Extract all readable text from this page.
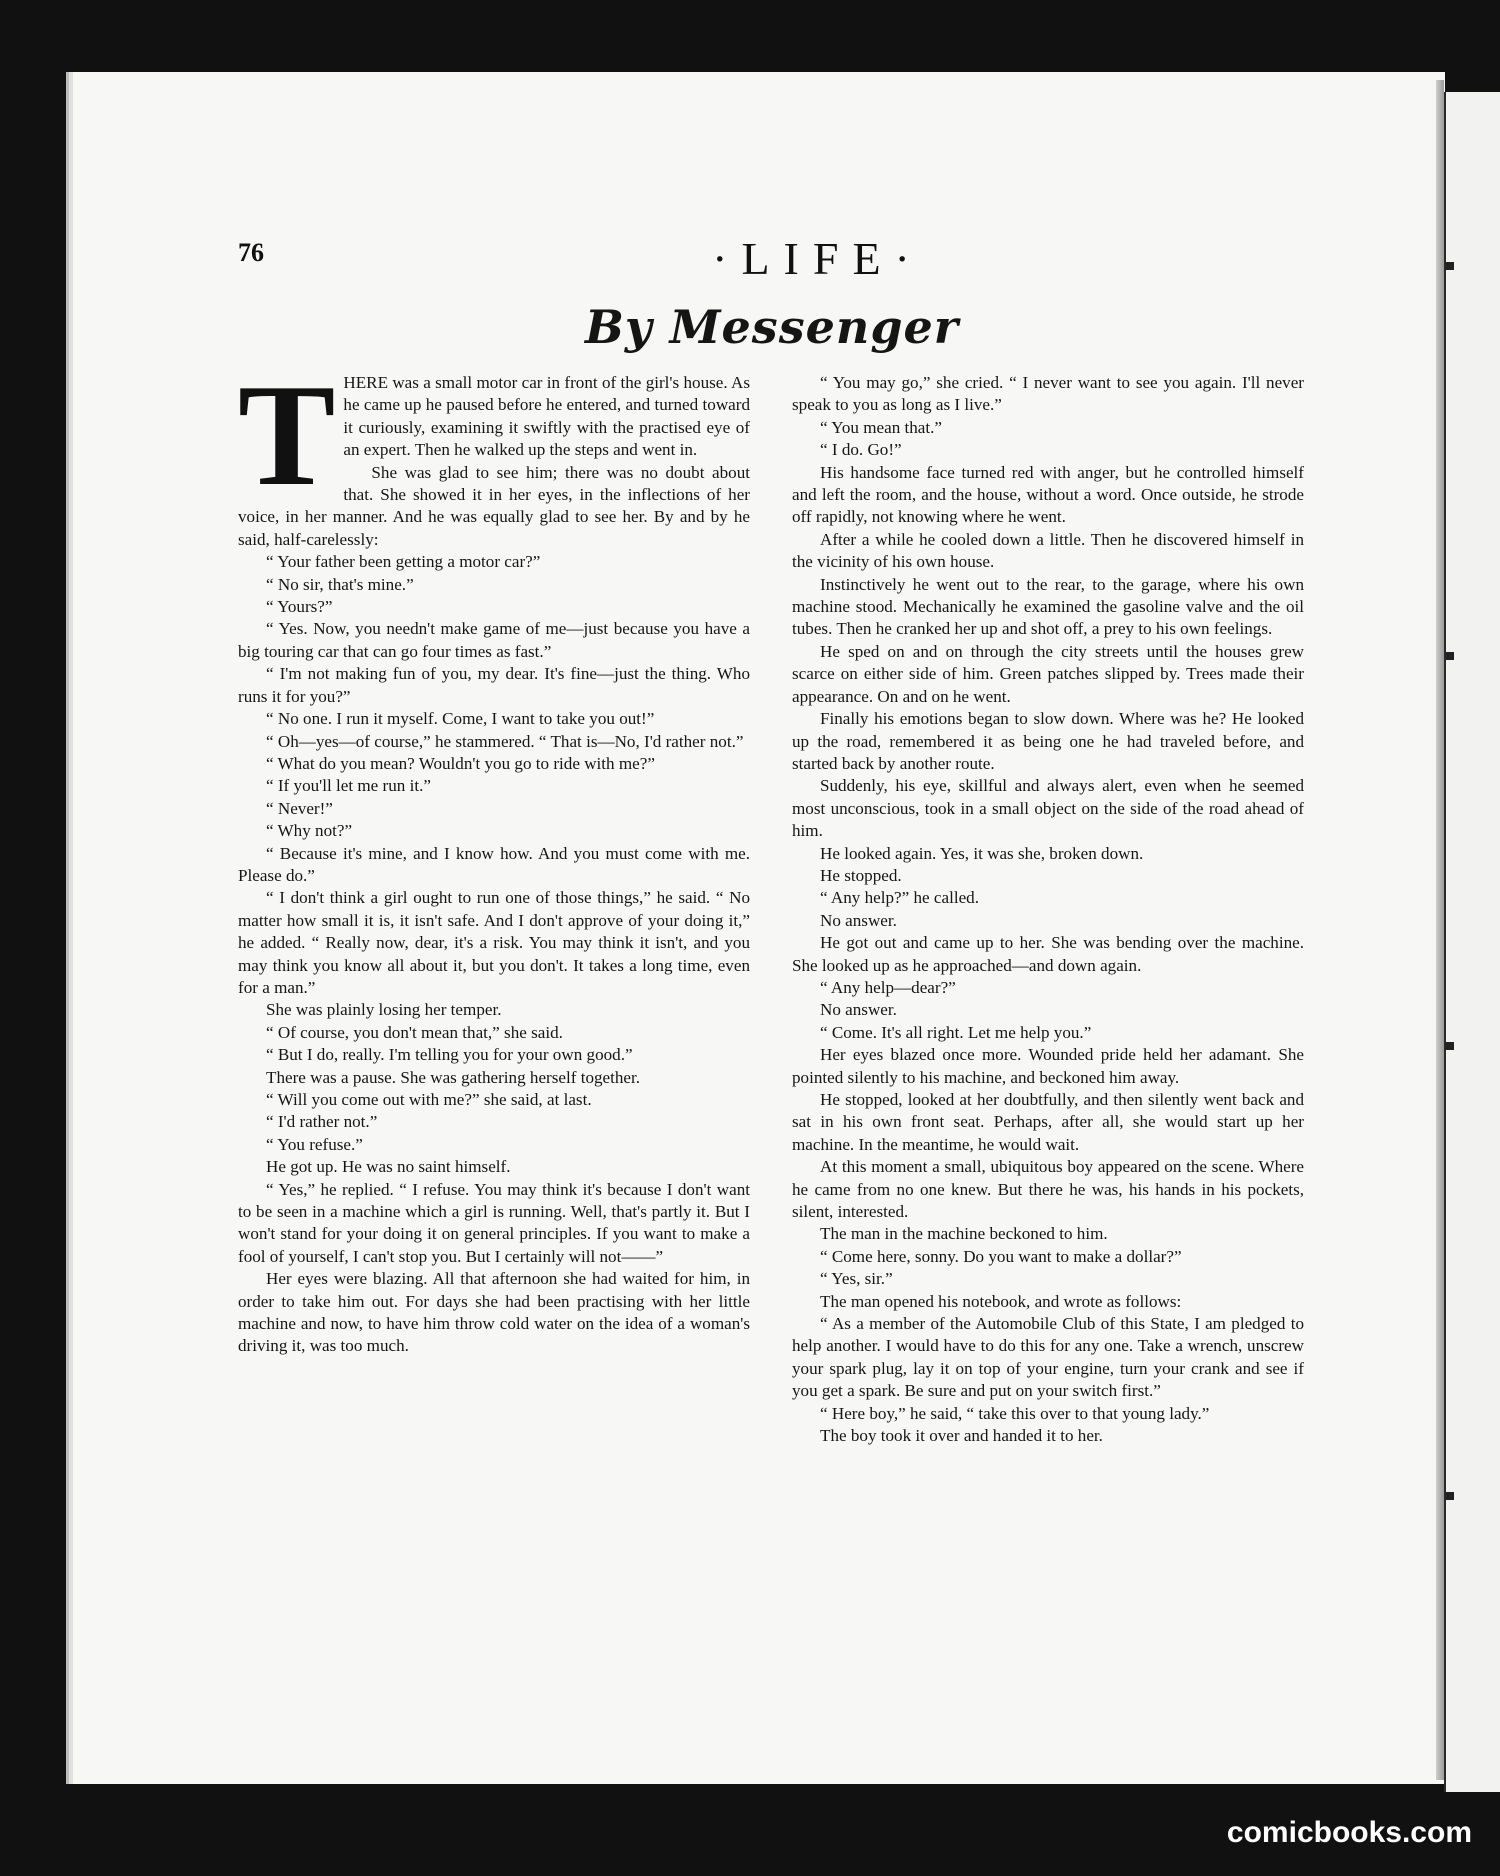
76	·LIFE·
By Messenger
T HERE was a small motor car in front of the girl's house. As he came up he paused before he entered, and turned toward it curiously, examining it swiftly with the practised eye of an expert. Then he walked up the steps and went in.

She was glad to see him; there was no doubt about that. She showed it in her eyes, in the inflections of her voice, in her manner. And he was equally glad to see her. By and by he said, half-carelessly:

“ Your father been getting a motor car?”

“ No sir, that's mine.”

“ Yours?”

“ Yes. Now, you needn't make game of me—just because you have a big touring car that can go four times as fast.”

“ I'm not making fun of you, my dear. It's fine—just the thing. Who runs it for you?”

“ No one. I run it myself. Come, I want to take you out!”

“ Oh—yes—of course,” he stammered. “ That is—No, I'd rather not.”

“ What do you mean? Wouldn't you go to ride with me?”

“ If you'll let me run it.”

“ Never!”

“ Why not?”

“ Because it's mine, and I know how. And you must come with me. Please do.”

“ I don't think a girl ought to run one of those things,” he said. “ No matter how small it is, it isn't safe. And I don't approve of your doing it,” he added. “ Really now, dear, it's a risk. You may think it isn't, and you may think you know all about it, but you don't. It takes a long time, even for a man.”

She was plainly losing her temper.

“ Of course, you don't mean that,” she said.

“ But I do, really. I'm telling you for your own good.”

There was a pause. She was gathering herself together.

“ Will you come out with me?” she said, at last.

“ I'd rather not.”

“ You refuse.”

He got up. He was no saint himself.

“ Yes,” he replied. “ I refuse. You may think it's because I don't want to be seen in a machine which a girl is running. Well, that's partly it. But I won't stand for your doing it on general principles. If you want to make a fool of yourself, I can't stop you. But I certainly will not——”

Her eyes were blazing. All that afternoon she had waited for him, in order to take him out. For days she had been practising with her little machine and now, to have him throw cold water on the idea of a woman's driving it, was too much.

“ You may go,” she cried. “ I never want to see you again. I'll never speak to you as long as I live.”

“ You mean that.”

“ I do. Go!”

His handsome face turned red with anger, but he controlled himself and left the room, and the house, without a word. Once outside, he strode off rapidly, not knowing where he went.

After a while he cooled down a little. Then he discovered himself in the vicinity of his own house.

Instinctively he went out to the rear, to the garage, where his own machine stood. Mechanically he examined the gasoline valve and the oil tubes. Then he cranked her up and shot off, a prey to his own feelings.

He sped on and on through the city streets until the houses grew scarce on either side of him. Green patches slipped by. Trees made their appearance. On and on he went.

Finally his emotions began to slow down. Where was he? He looked up the road, remembered it as being one he had traveled before, and started back by another route.

Suddenly, his eye, skillful and always alert, even when he seemed most unconscious, took in a small object on the side of the road ahead of him.

He looked again. Yes, it was she, broken down.

He stopped.

“ Any help?” he called.

No answer.

He got out and came up to her. She was bending over the machine. She looked up as he approached—and down again.

“ Any help—dear?”

No answer.

“ Come. It's all right. Let me help you.”

Her eyes blazed once more. Wounded pride held her adamant. She pointed silently to his machine, and beckoned him away.

He stopped, looked at her doubtfully, and then silently went back and sat in his own front seat. Perhaps, after all, she would start up her machine. In the meantime, he would wait.

At this moment a small, ubiquitous boy appeared on the scene. Where he came from no one knew. But there he was, his hands in his pockets, silent, interested.

The man in the machine beckoned to him.

“ Come here, sonny. Do you want to make a dollar?”

“ Yes, sir.”

The man opened his notebook, and wrote as follows:

“ As a member of the Automobile Club of this State, I am pledged to help another. I would have to do this for any one. Take a wrench, unscrew your spark plug, lay it on top of your engine, turn your crank and see if you get a spark. Be sure and put on your switch first.”

“ Here boy,” he said, “ take this over to that young lady.”

The boy took it over and handed it to her.

comicbooks.com
